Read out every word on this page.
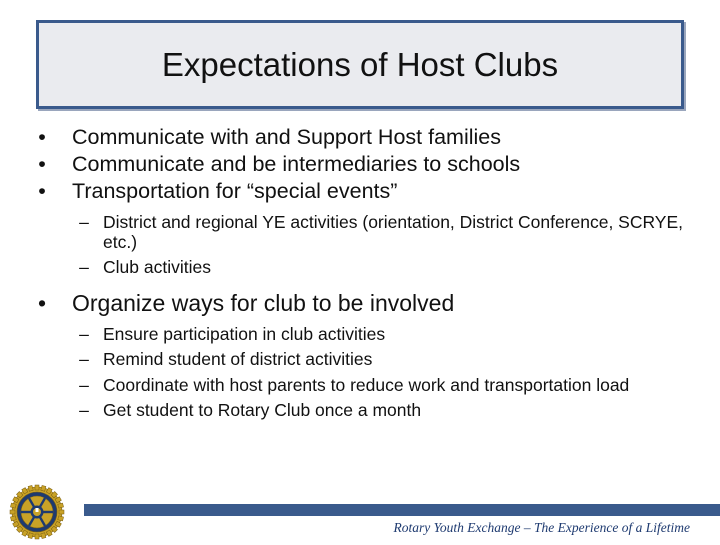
Expectations of Host Clubs
•	Communicate with and Support Host families
•	Communicate and be intermediaries to schools
•	Transportation for “special events”
– District and regional YE activities (orientation, District Conference, SCRYE, etc.)
– Club activities
•	Organize ways for club to be involved
– Ensure participation in club activities
– Remind student of district activities
– Coordinate with host parents to reduce work and transportation load
– Get student to Rotary Club once a month
Rotary Youth Exchange – The Experience of a Lifetime
